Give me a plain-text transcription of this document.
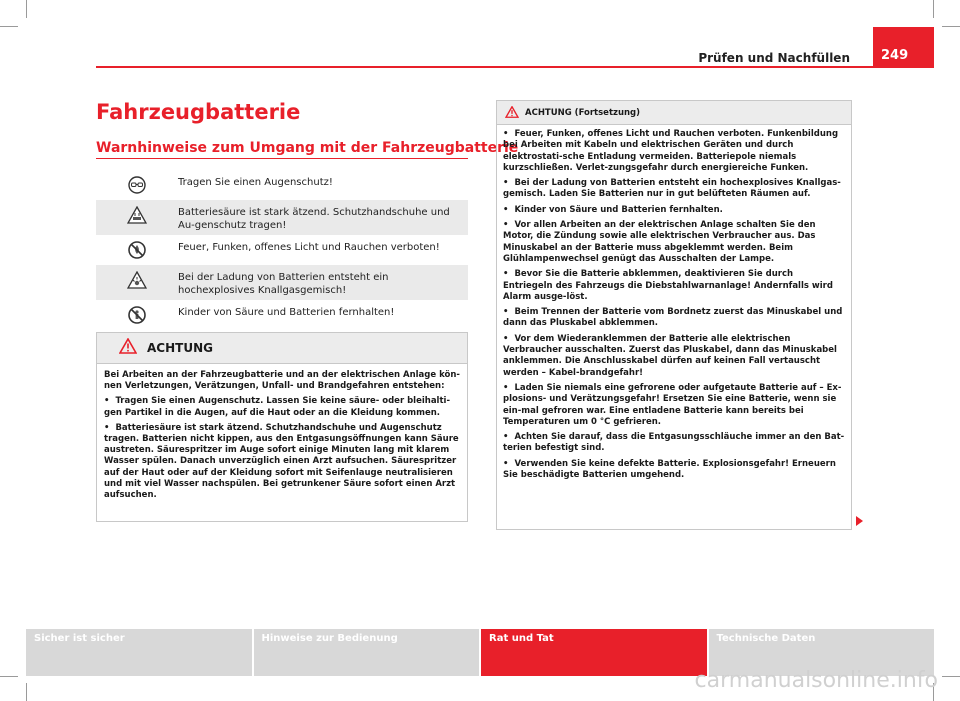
Prüfen und Nachfüllen	249
Fahrzeugbatterie
Warnhinweise zum Umgang mit der Fahrzeugbatterie
Tragen Sie einen Augenschutz!
Batteriesäure ist stark ätzend. Schutzhandschuhe und Au-genschutz tragen!
Feuer, Funken, offenes Licht und Rauchen verboten!
Bei der Ladung von Batterien entsteht ein hochexplosives Knallgasgemisch!
Kinder von Säure und Batterien fernhalten!
ACHTUNG

Bei Arbeiten an der Fahrzeugbatterie und an der elektrischen Anlage kön-nen Verletzungen, Verätzungen, Unfall- und Brandgefahren entstehen:

• Tragen Sie einen Augenschutz. Lassen Sie keine säure- oder bleihalti-gen Partikel in die Augen, auf die Haut oder an die Kleidung kommen.

• Batteriesäure ist stark ätzend. Schutzhandschuhe und Augenschutz tragen. Batterien nicht kippen, aus den Entgasungsöffnungen kann Säure austreten. Säurespritzer im Auge sofort einige Minuten lang mit klarem Wasser spülen. Danach unverzüglich einen Arzt aufsuchen. Säurespritzer auf der Haut oder auf der Kleidung sofort mit Seifenlauge neutralisieren und mit viel Wasser nachspülen. Bei getrunkener Säure sofort einen Arzt aufsuchen.

ACHTUNG (Fortsetzung)

• Feuer, Funken, offenes Licht und Rauchen verboten. Funkenbildung bei Arbeiten mit Kabeln und elektrischen Geräten und durch elektrostati-sche Entladung vermeiden. Batteriepole niemals kurzschließen. Verlet-zungsgefahr durch energiereiche Funken.

• Bei der Ladung von Batterien entsteht ein hochexplosives Knallgas-gemisch. Laden Sie Batterien nur in gut belüfteten Räumen auf.

• Kinder von Säure und Batterien fernhalten.

• Vor allen Arbeiten an der elektrischen Anlage schalten Sie den Motor, die Zündung sowie alle elektrischen Verbraucher aus. Das Minuskabel an der Batterie muss abgeklemmt werden. Beim Glühlampenwechsel genügt das Ausschalten der Lampe.

• Bevor Sie die Batterie abklemmen, deaktivieren Sie durch Entriegeln des Fahrzeugs die Diebstahlwarnanlage! Andernfalls wird Alarm ausge-löst.

• Beim Trennen der Batterie vom Bordnetz zuerst das Minuskabel und dann das Pluskabel abklemmen.

• Vor dem Wiederanklemmen der Batterie alle elektrischen Verbraucher ausschalten. Zuerst das Pluskabel, dann das Minuskabel anklemmen. Die Anschlusskabel dürfen auf keinen Fall vertauscht werden – Kabel-brandgefahr!

• Laden Sie niemals eine gefrorene oder aufgetaute Batterie auf – Ex-plosions- und Verätzungsgefahr! Ersetzen Sie eine Batterie, wenn sie ein-mal gefroren war. Eine entladene Batterie kann bereits bei Temperaturen um 0 °C gefrieren.

• Achten Sie darauf, dass die Entgasungsschläuche immer an den Bat-terien befestigt sind.

• Verwenden Sie keine defekte Batterie. Explosionsgefahr! Erneuern Sie beschädigte Batterien umgehend.

Sicher ist sicher	Hinweise zur Bedienung	Rat und Tat	Technische Daten
carmanualsonline.info
